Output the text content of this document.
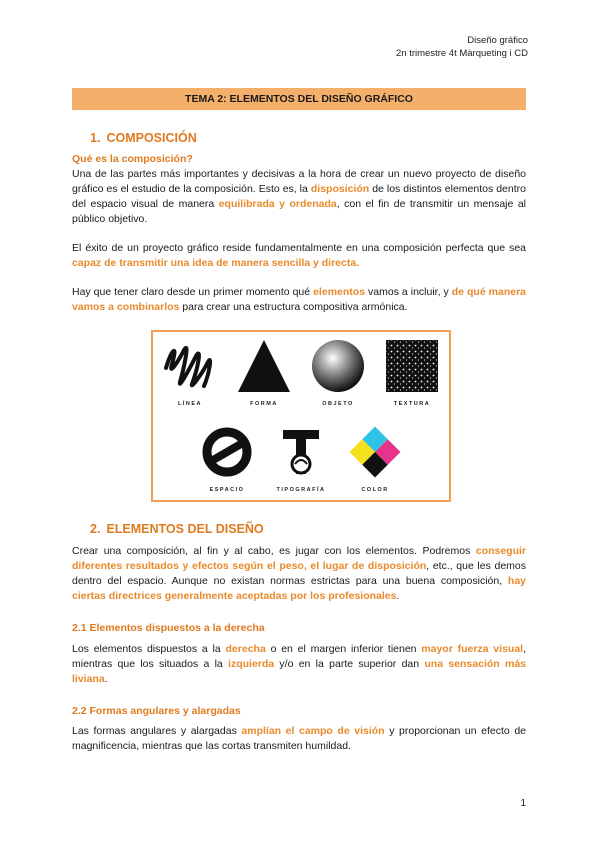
Diseño gráfico
2n trimestre 4t Màrqueting i CD
TEMA 2: ELEMENTOS DEL DISEÑO GRÁFICO
1. COMPOSICIÓN
Qué es la composición?

Una de las partes más importantes y decisivas a la hora de crear un nuevo proyecto de diseño gráfico es el estudio de la composición. Esto es, la disposición de los distintos elementos dentro del espacio visual de manera equilibrada y ordenada, con el fin de transmitir un mensaje al público objetivo.

El éxito de un proyecto gráfico reside fundamentalmente en una composición perfecta que sea capaz de transmitir una idea de manera sencilla y directa.

Hay que tener claro desde un primer momento qué elementos vamos a incluir, y de qué manera vamos a combinarlos para crear una estructura compositiva armónica.

LÍNEA	FORMA	OBJETO	TEXTURA
ESPACIO	TIPOGRAFÍA	COLOR
2. ELEMENTOS DEL DISEÑO

Crear una composición, al fin y al cabo, es jugar con los elementos. Podremos conseguir diferentes resultados y efectos según el peso, el lugar de disposición, etc., que les demos dentro del espacio. Aunque no existan normas estrictas para una buena composición, hay ciertas directrices generalmente aceptadas por los profesionales.

2.1 Elementos dispuestos a la derecha

Los elementos dispuestos a la derecha o en el margen inferior tienen mayor fuerza visual, mientras que los situados a la izquierda y/o en la parte superior dan una sensación más liviana.

2.2 Formas angulares y alargadas

Las formas angulares y alargadas amplían el campo de visión y proporcionan un efecto de magnificencia, mientras que las cortas transmiten humildad.

1
